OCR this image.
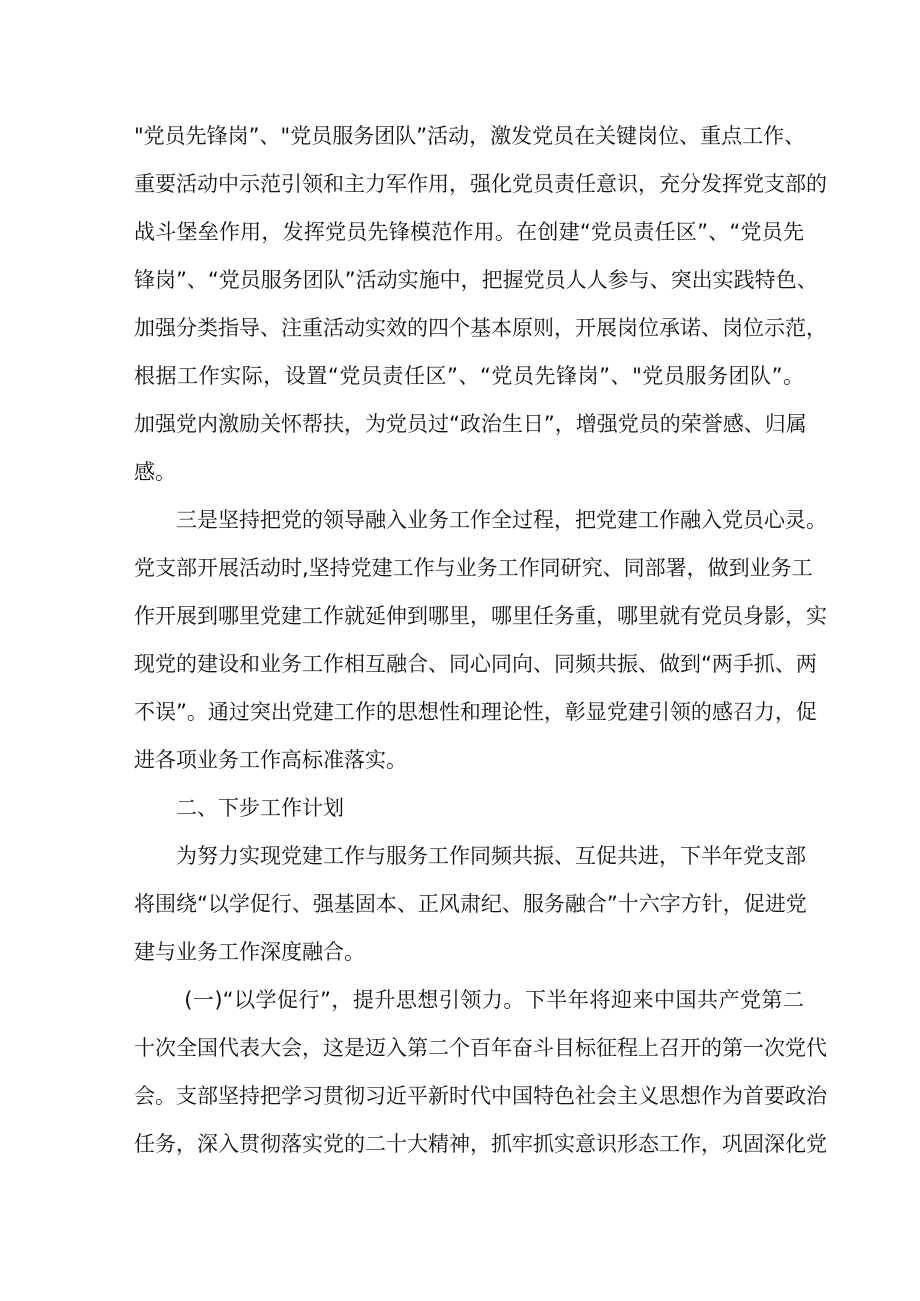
"党员先锋岗”、"党员服务团队”活动，激发党员在关键岗位、重点工作、
重要活动中示范引领和主力军作用，强化党员责任意识，充分发挥党支部的
战斗堡垒作用，发挥党员先锋模范作用。在创建“党员责任区”、“党员先
锋岗”、“党员服务团队”活动实施中，把握党员人人参与、突出实践特色、
加强分类指导、注重活动实效的四个基本原则，开展岗位承诺、岗位示范，
根据工作实际，设置“党员责任区”、“党员先锋岗”、"党员服务团队”。
加强党内激励关怀帮扶，为党员过“政治生日”，增强党员的荣誉感、归属
感。
　　三是坚持把党的领导融入业务工作全过程，把党建工作融入党员心灵。
党支部开展活动时,坚持党建工作与业务工作同研究、同部署，做到业务工
作开展到哪里党建工作就延伸到哪里，哪里任务重，哪里就有党员身影，实
现党的建设和业务工作相互融合、同心同向、同频共振、做到“两手抓、两
不误”。通过突出党建工作的思想性和理论性，彰显党建引领的感召力，促
进各项业务工作高标准落实。
　　二、下步工作计划
　　为努力实现党建工作与服务工作同频共振、互促共进，下半年党支部
将围绕“以学促行、强基固本、正风肃纪、服务融合”十六字方针，促进党
建与业务工作深度融合。
　　 (一)“以学促行”，提升思想引领力。下半年将迎来中国共产党第二
十次全国代表大会，这是迈入第二个百年奋斗目标征程上召开的第一次党代
会。支部坚持把学习贯彻习近平新时代中国特色社会主义思想作为首要政治
任务，深入贯彻落实党的二十大精神，抓牢抓实意识形态工作，巩固深化党
